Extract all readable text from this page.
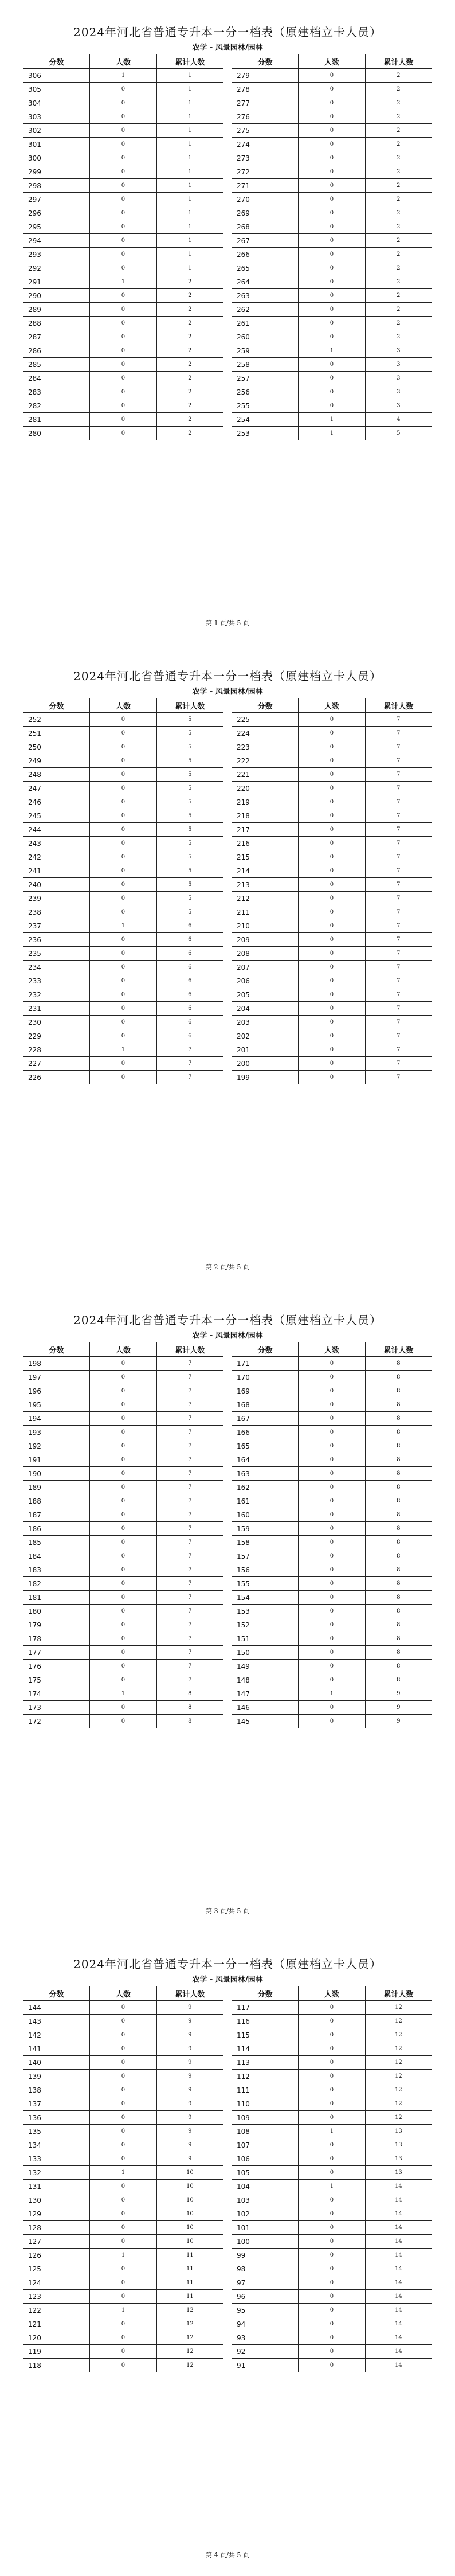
2024年河北省普通专升本一分一档表（原建档立卡人员）
农学 - 风景园林/园林
分数	人数	累计人数
306	1	1
305	0	1
304	0	1
303	0	1
302	0	1
301	0	1
300	0	1
299	0	1
298	0	1
297	0	1
296	0	1
295	0	1
294	0	1
293	0	1
292	0	1
291	1	2
290	0	2
289	0	2
288	0	2
287	0	2
286	0	2
285	0	2
284	0	2
283	0	2
282	0	2
281	0	2
280	0	2
分数	人数	累计人数
279	0	2
278	0	2
277	0	2
276	0	2
275	0	2
274	0	2
273	0	2
272	0	2
271	0	2
270	0	2
269	0	2
268	0	2
267	0	2
266	0	2
265	0	2
264	0	2
263	0	2
262	0	2
261	0	2
260	0	2
259	1	3
258	0	3
257	0	3
256	0	3
255	0	3
254	1	4
253	1	5
第 1 页/共 5 页
2024年河北省普通专升本一分一档表（原建档立卡人员）
农学 - 风景园林/园林
分数	人数	累计人数
252	0	5
251	0	5
250	0	5
249	0	5
248	0	5
247	0	5
246	0	5
245	0	5
244	0	5
243	0	5
242	0	5
241	0	5
240	0	5
239	0	5
238	0	5
237	1	6
236	0	6
235	0	6
234	0	6
233	0	6
232	0	6
231	0	6
230	0	6
229	0	6
228	1	7
227	0	7
226	0	7
分数	人数	累计人数
225	0	7
224	0	7
223	0	7
222	0	7
221	0	7
220	0	7
219	0	7
218	0	7
217	0	7
216	0	7
215	0	7
214	0	7
213	0	7
212	0	7
211	0	7
210	0	7
209	0	7
208	0	7
207	0	7
206	0	7
205	0	7
204	0	7
203	0	7
202	0	7
201	0	7
200	0	7
199	0	7
第 2 页/共 5 页
2024年河北省普通专升本一分一档表（原建档立卡人员）
农学 - 风景园林/园林
分数	人数	累计人数
198	0	7
197	0	7
196	0	7
195	0	7
194	0	7
193	0	7
192	0	7
191	0	7
190	0	7
189	0	7
188	0	7
187	0	7
186	0	7
185	0	7
184	0	7
183	0	7
182	0	7
181	0	7
180	0	7
179	0	7
178	0	7
177	0	7
176	0	7
175	0	7
174	1	8
173	0	8
172	0	8
分数	人数	累计人数
171	0	8
170	0	8
169	0	8
168	0	8
167	0	8
166	0	8
165	0	8
164	0	8
163	0	8
162	0	8
161	0	8
160	0	8
159	0	8
158	0	8
157	0	8
156	0	8
155	0	8
154	0	8
153	0	8
152	0	8
151	0	8
150	0	8
149	0	8
148	0	8
147	1	9
146	0	9
145	0	9
第 3 页/共 5 页
2024年河北省普通专升本一分一档表（原建档立卡人员）
农学 - 风景园林/园林
分数	人数	累计人数
144	0	9
143	0	9
142	0	9
141	0	9
140	0	9
139	0	9
138	0	9
137	0	9
136	0	9
135	0	9
134	0	9
133	0	9
132	1	10
131	0	10
130	0	10
129	0	10
128	0	10
127	0	10
126	1	11
125	0	11
124	0	11
123	0	11
122	1	12
121	0	12
120	0	12
119	0	12
118	0	12
分数	人数	累计人数
117	0	12
116	0	12
115	0	12
114	0	12
113	0	12
112	0	12
111	0	12
110	0	12
109	0	12
108	1	13
107	0	13
106	0	13
105	0	13
104	1	14
103	0	14
102	0	14
101	0	14
100	0	14
99	0	14
98	0	14
97	0	14
96	0	14
95	0	14
94	0	14
93	0	14
92	0	14
91	0	14
第 4 页/共 5 页
